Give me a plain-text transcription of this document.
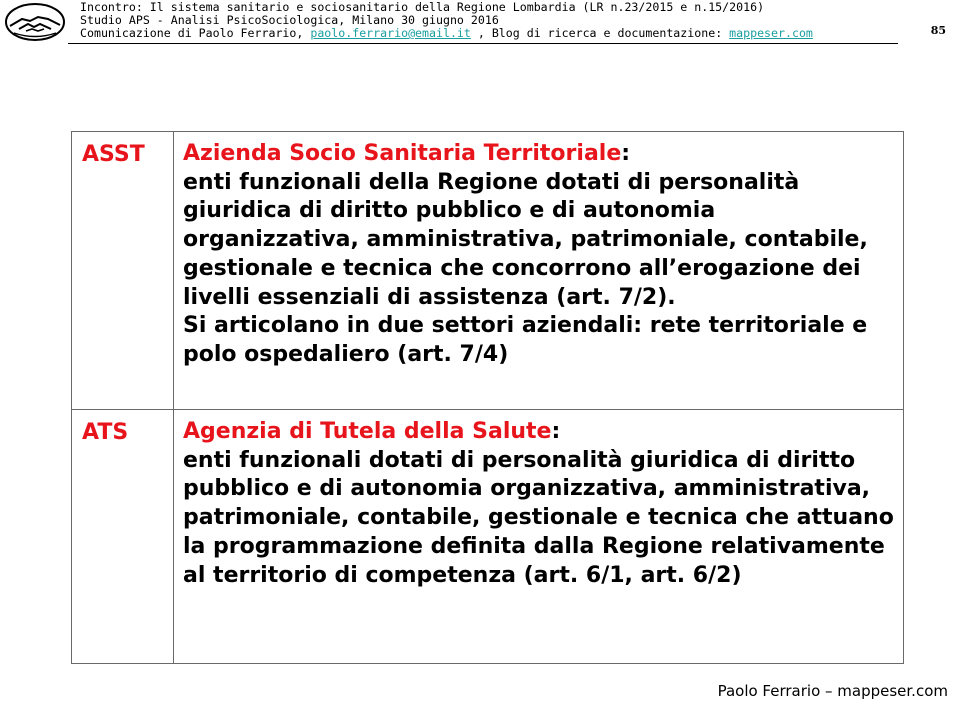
Incontro: Il sistema sanitario e sociosanitario della Regione Lombardia (LR n.23/2015 e n.15/2016)
Studio APS - Analisi PsicoSociologica, Milano 30 giugno 2016
Comunicazione di Paolo Ferrario, paolo.ferrario@email.it , Blog di ricerca e documentazione: mappeser.com	85
ASST	Azienda Socio Sanitaria Territoriale:
enti funzionali della Regione dotati di personalità giuridica di diritto pubblico e di autonomia organizzativa, amministrativa, patrimoniale, contabile, gestionale e tecnica che concorrono all’erogazione dei livelli essenziali di assistenza (art. 7/2).
Si articolano in due settori aziendali: rete territoriale e polo ospedaliero (art. 7/4)
ATS	Agenzia di Tutela della Salute:
enti funzionali dotati di personalità giuridica di diritto pubblico e di autonomia organizzativa, amministrativa, patrimoniale, contabile, gestionale e tecnica che attuano la programmazione definita dalla Regione relativamente al territorio di competenza (art. 6/1, art. 6/2)
Paolo Ferrario – mappeser.com
